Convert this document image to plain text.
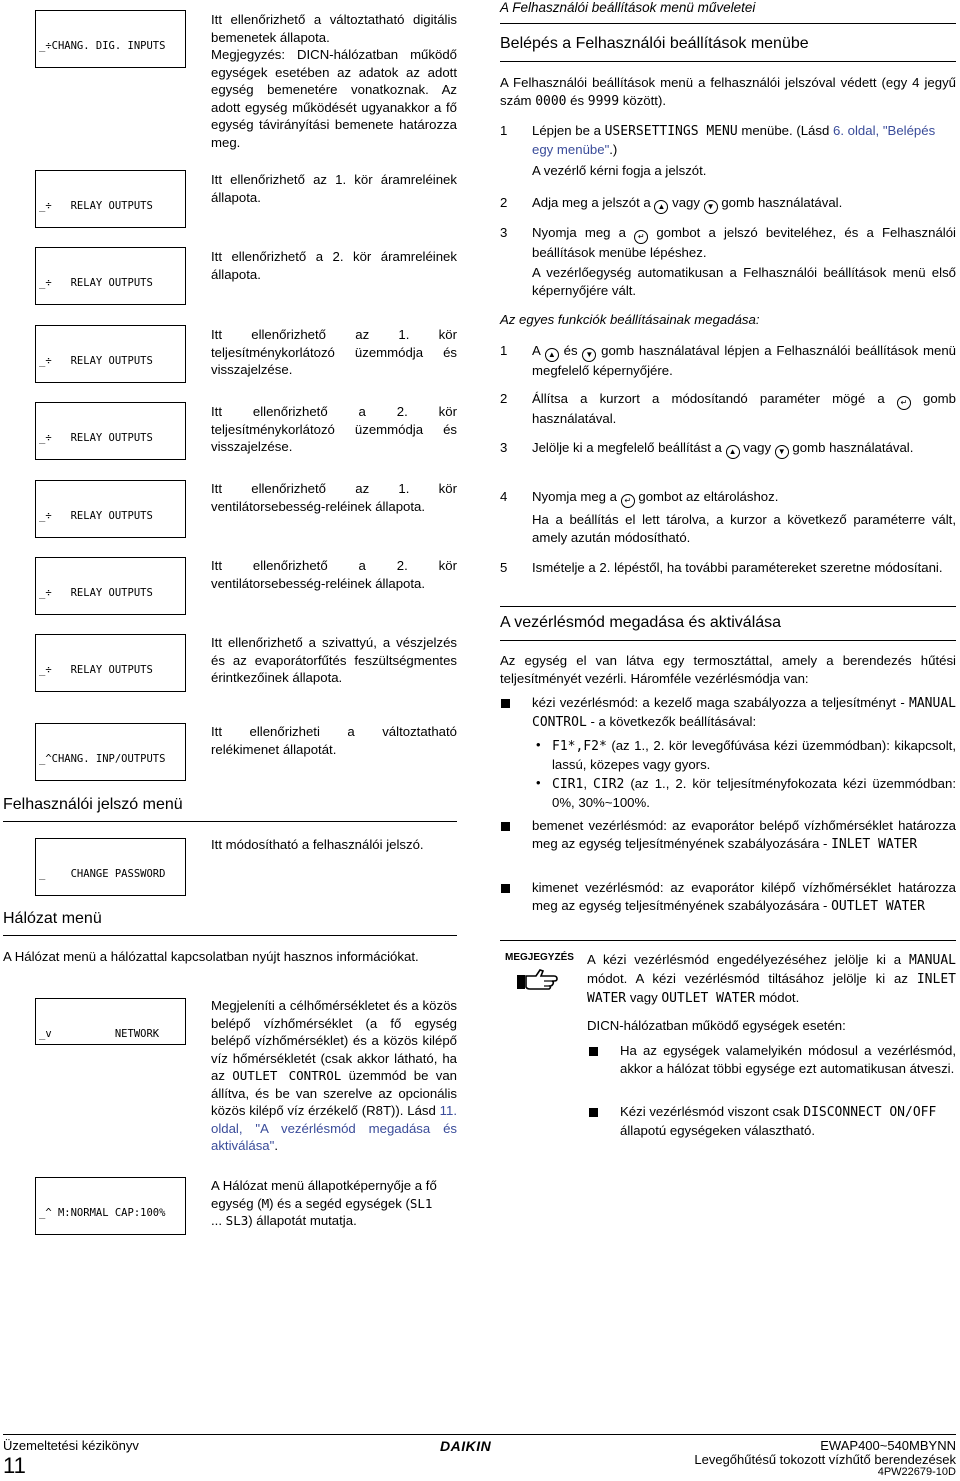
_÷CHANG. DIG. INPUTS

Itt ellenőrizhető a változtatható digitális bemenetek állapota.
Megjegyzés: DICN-hálózatban működő egységek esetében az adatok az adott egység bemenetére vonatkoznak. Az adott egység működését ugyanakkor a fő egység távirányítási bemenete határozza meg.

_÷   RELAY OUTPUTS

Itt ellenőrizhető az 1. kör áramreléinek állapota.

_÷   RELAY OUTPUTS

Itt ellenőrizhető a 2. kör áramreléinek állapota.

_÷   RELAY OUTPUTS

Itt ellenőrizhető az 1. kör teljesítménykorlátozó üzemmódja és visszajelzése.

_÷   RELAY OUTPUTS

Itt ellenőrizhető a 2. kör teljesítménykorlátozó üzemmódja és visszajelzése.

_÷   RELAY OUTPUTS

Itt ellenőrizhető az 1. kör ventilátorsebesség-reléinek állapota.

_÷   RELAY OUTPUTS

Itt ellenőrizhető a 2. kör ventilátorsebesség-reléinek állapota.

_÷   RELAY OUTPUTS

Itt ellenőrizhető a szivattyú, a vészjelzés és az evaporátorfűtés feszültségmentes érintkezőinek állapota.

_^CHANG. INP/OUTPUTS

Itt ellenőrizheti a változtatható relékimenet állapotát.
Felhasználói jelszó menü

_    CHANGE PASSWORD

Itt módosítható a felhasználói jelszó.
Hálózat menü
A Hálózat menü a hálózattal kapcsolatban nyújt hasznos információkat.

_v          NETWORK

Megjeleníti a célhőmérsékletet és a közös belépő vízhőmérséklet (a fő egység belépő vízhőmérséklet) és a közös kilépő víz hőmérsékletét (csak akkor látható, ha az OUTLET CONTROL üzemmód be van állítva, és be van szerelve az opcionális közös kilépő víz érzékelő (R8T)). Lásd 11. oldal, "A vezérlésmód megadása és aktiválása".

_^ M:NORMAL CAP:100%

A Hálózat menü állapotképernyője a fő egység (M) és a segéd egységek (SL1
... SL3) állapotát mutatja.
A Felhasználói beállítások menü műveletei
Belépés a Felhasználói beállítások menübe
A Felhasználói beállítások menü a felhasználói jelszóval védett (egy 4 jegyű szám 0000 és 9999 között).
1 Lépjen be a USERSETTINGS MENU menübe. (Lásd 6. oldal, "Belépés egy menübe".)
A vezérlő kérni fogja a jelszót.
2 Adja meg a jelszót a ▲ vagy ▼ gomb használatával.
3 Nyomja meg a ↵ gombot a jelszó beviteléhez, és a Felhasználói beállítások menübe lépéshez.
A vezérlőegység automatikusan a Felhasználói beállítások menü első képernyőjére vált.
Az egyes funkciók beállításainak megadása:
1 A ▲ és ▼ gomb használatával lépjen a Felhasználói beállítások menü megfelelő képernyőjére.
2 Állítsa a kurzort a módosítandó paraméter mögé a ↵ gomb használatával.
3 Jelölje ki a megfelelő beállítást a ▲ vagy ▼ gomb használatával.
4 Nyomja meg a ↵ gombot az eltároláshoz.
Ha a beállítás el lett tárolva, a kurzor a következő paraméterre vált, amely azután módosítható.
5 Ismételje a 2. lépéstől, ha további paramétereket szeretne módosítani.
A vezérlésmód megadása és aktiválása
Az egység el van látva egy termosztáttal, amely a berendezés hűtési teljesítményét vezérli. Háromféle vezérlésmódja van:
kézi vezérlésmód: a kezelő maga szabályozza a teljesítményt - MANUAL CONTROL - a következők beállításával:
• F1*,F2* (az 1., 2. kör levegőfúvása kézi üzemmódban): kikapcsolt, lassú, közepes vagy gyors.
• CIR1, CIR2 (az 1., 2. kör teljesítményfokozata kézi üzemmódban: 0%, 30%~100%.
bemenet vezérlésmód: az evaporátor belépő vízhőmérséklet határozza meg az egység teljesítményének szabályozására - INLET WATER
kimenet vezérlésmód: az evaporátor kilépő vízhőmérséklet határozza meg az egység teljesítményének szabályozására - OUTLET WATER
MEGJEGYZÉS A kézi vezérlésmód engedélyezéséhez jelölje ki a MANUAL módot. A kézi vezérlésmód tiltásához jelölje ki az INLET WATER vagy OUTLET WATER módot.
DICN-hálózatban működő egységek esetén:
Ha az egységek valamelyikén módosul a vezérlésmód, akkor a hálózat többi egysége ezt automatikusan átveszi.
Kézi vezérlésmód viszont csak DISCONNECT ON/OFF állapotú egységeken választható.
Üzemeltetési kézikönyv
11
DAIKIN	EWAP400~540MBYNN
Levegőhűtésű tokozott vízhűtő berendezések
4PW22679-10D
